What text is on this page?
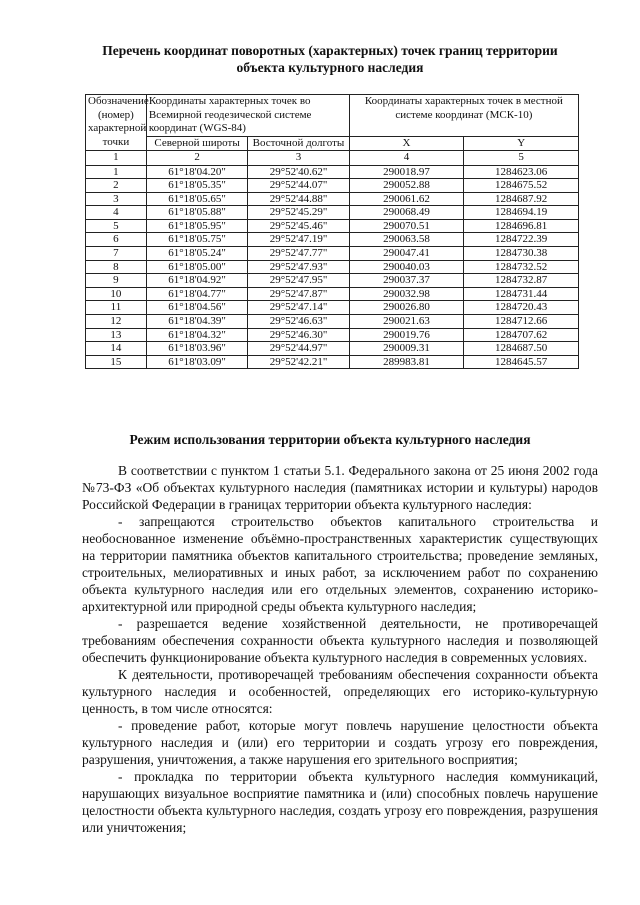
Перечень координат поворотных (характерных) точек границ территории
объекта культурного наследия
Обозначение (номер) характерной точки	Координаты характерных точек во Всемирной геодезической системе координат (WGS-84)		Координаты характерных точек в местной системе координат (МСК-10)	
	Северной широты	Восточной долготы	X	Y
1	2	3	4	5
1	61°18'04.20"	29°52'40.62"	290018.97	1284623.06
2	61°18'05.35"	29°52'44.07"	290052.88	1284675.52
3	61°18'05.65"	29°52'44.88"	290061.62	1284687.92
4	61°18'05.88"	29°52'45.29"	290068.49	1284694.19
5	61°18'05.95"	29°52'45.46"	290070.51	1284696.81
6	61°18'05.75"	29°52'47.19"	290063.58	1284722.39
7	61°18'05.24"	29°52'47.77"	290047.41	1284730.38
8	61°18'05.00"	29°52'47.93"	290040.03	1284732.52
9	61°18'04.92"	29°52'47.95"	290037.37	1284732.87
10	61°18'04.77"	29°52'47.87"	290032.98	1284731.44
11	61°18'04.56"	29°52'47.14"	290026.80	1284720.43
12	61°18'04.39"	29°52'46.63"	290021.63	1284712.66
13	61°18'04.32"	29°52'46.30"	290019.76	1284707.62
14	61°18'03.96"	29°52'44.97"	290009.31	1284687.50
15	61°18'03.09"	29°52'42.21"	289983.81	1284645.57
Режим использования территории объекта культурного наследия

В соответствии с пунктом 1 статьи 5.1. Федерального закона от 25 июня 2002 года №73-ФЗ «Об объектах культурного наследия (памятниках истории и культуры) народов Российской Федерации в границах территории объекта культурного наследия:

- запрещаются строительство объектов капитального строительства и необоснованное изменение объёмно-пространственных характеристик существующих на территории памятника объектов капитального строительства; проведение земляных, строительных, мелиоративных и иных работ, за исключением работ по сохранению объекта культурного наследия или его отдельных элементов, сохранению историко-архитектурной или природной среды объекта культурного наследия;

- разрешается ведение хозяйственной деятельности, не противоречащей требованиям обеспечения сохранности объекта культурного наследия и позволяющей обеспечить функционирование объекта культурного наследия в современных условиях.

К деятельности, противоречащей требованиям обеспечения сохранности объекта культурного наследия и особенностей, определяющих его историко-культурную ценность, в том числе относятся:

- проведение работ, которые могут повлечь нарушение целостности объекта культурного наследия и (или) его территории и создать угрозу его повреждения, разрушения, уничтожения, а также нарушения его зрительного восприятия;

- прокладка по территории объекта культурного наследия коммуникаций, нарушающих визуальное восприятие памятника и (или) способных повлечь нарушение целостности объекта культурного наследия, создать угрозу его повреждения, разрушения или уничтожения;
